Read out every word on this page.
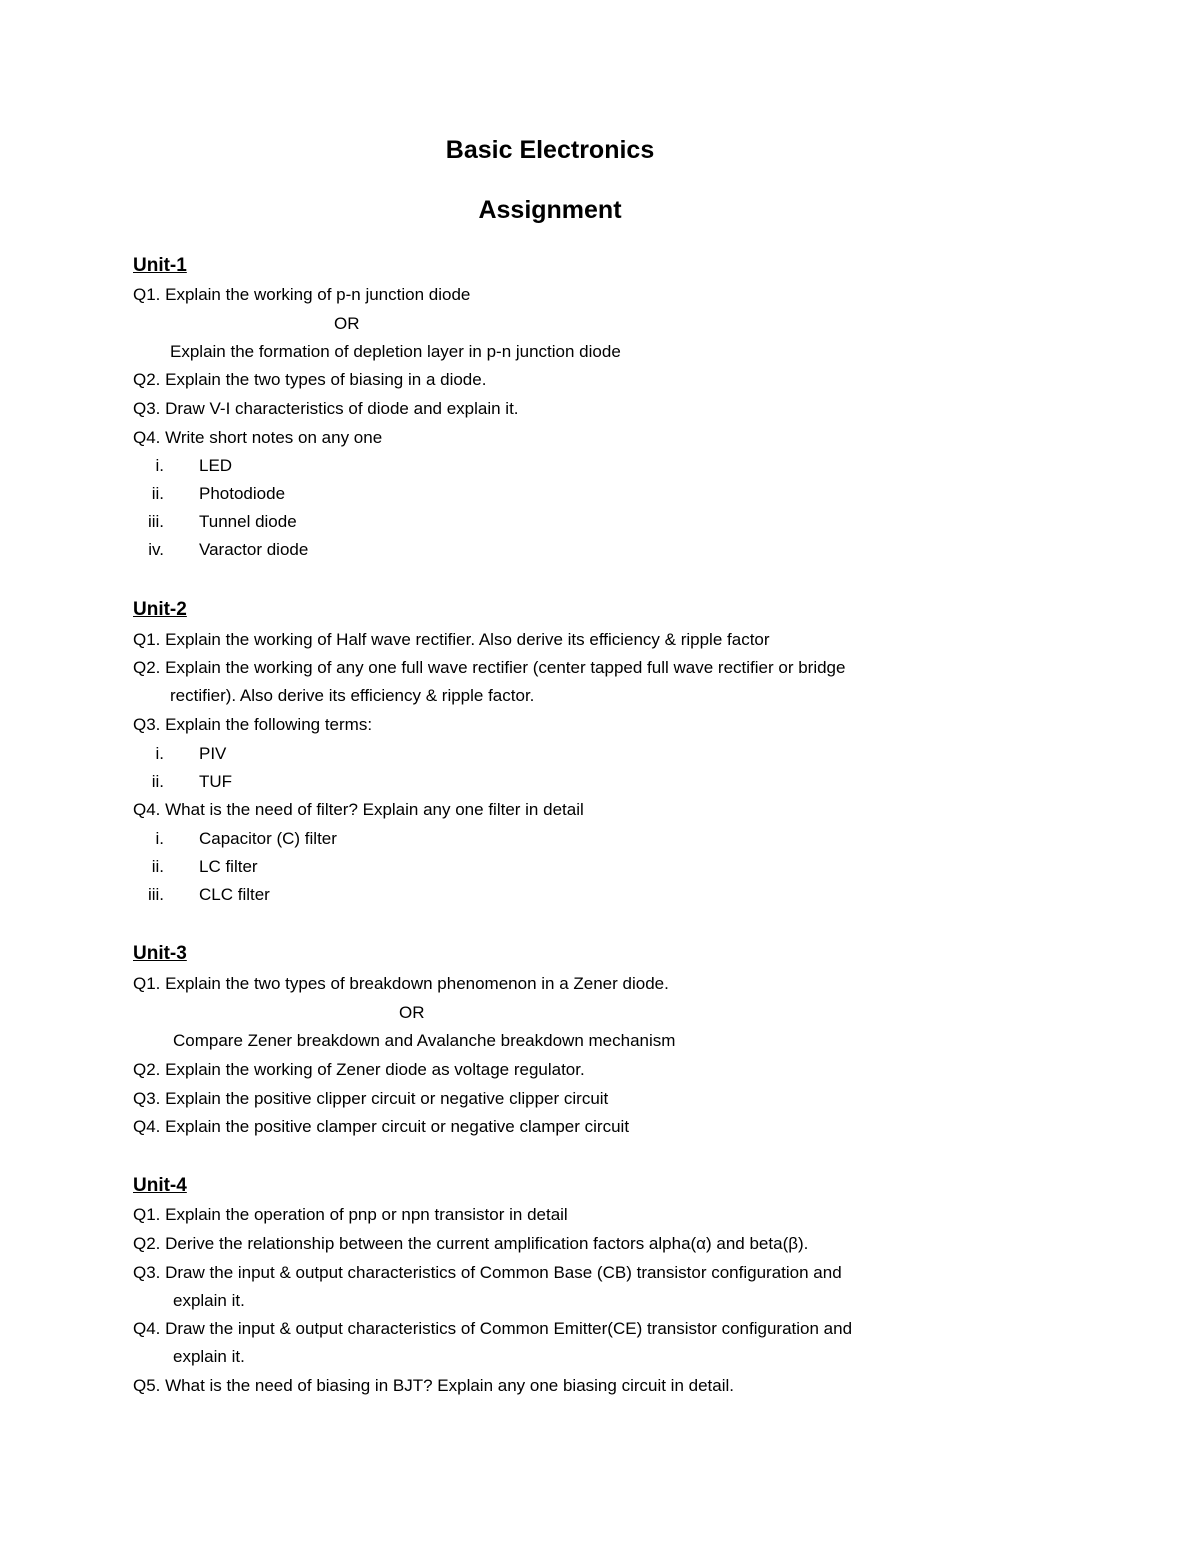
Basic Electronics
Assignment
Unit-1
Q1. Explain the working of p-n junction diode
OR
Explain the formation of depletion layer in p-n junction diode
Q2. Explain the two types of biasing in a diode.
Q3. Draw V-I characteristics of diode and explain it.
Q4. Write short notes on any one
i. LED
ii. Photodiode
iii. Tunnel diode
iv. Varactor diode
Unit-2
Q1. Explain the working of Half wave rectifier. Also derive its efficiency & ripple factor
Q2. Explain the working of any one full wave rectifier (center tapped full wave rectifier or bridge
rectifier). Also derive its efficiency & ripple factor.
Q3. Explain the following terms:
i. PIV
ii. TUF
Q4. What is the need of filter? Explain any one filter in detail
i. Capacitor (C) filter
ii. LC filter
iii. CLC filter
Unit-3
Q1. Explain the two types of breakdown phenomenon in a Zener diode.
OR
Compare Zener breakdown and Avalanche breakdown mechanism
Q2. Explain the working of Zener diode as voltage regulator.
Q3. Explain the positive clipper circuit or negative clipper circuit
Q4. Explain the positive clamper circuit or negative clamper circuit
Unit-4
Q1. Explain the operation of pnp or npn transistor in detail
Q2. Derive the relationship between the current amplification factors alpha(α) and beta(β).
Q3. Draw the input & output characteristics of Common Base (CB) transistor configuration and
explain it.
Q4. Draw the input & output characteristics of Common Emitter(CE) transistor configuration and
explain it.
Q5. What is the need of biasing in BJT? Explain any one biasing circuit in detail.
